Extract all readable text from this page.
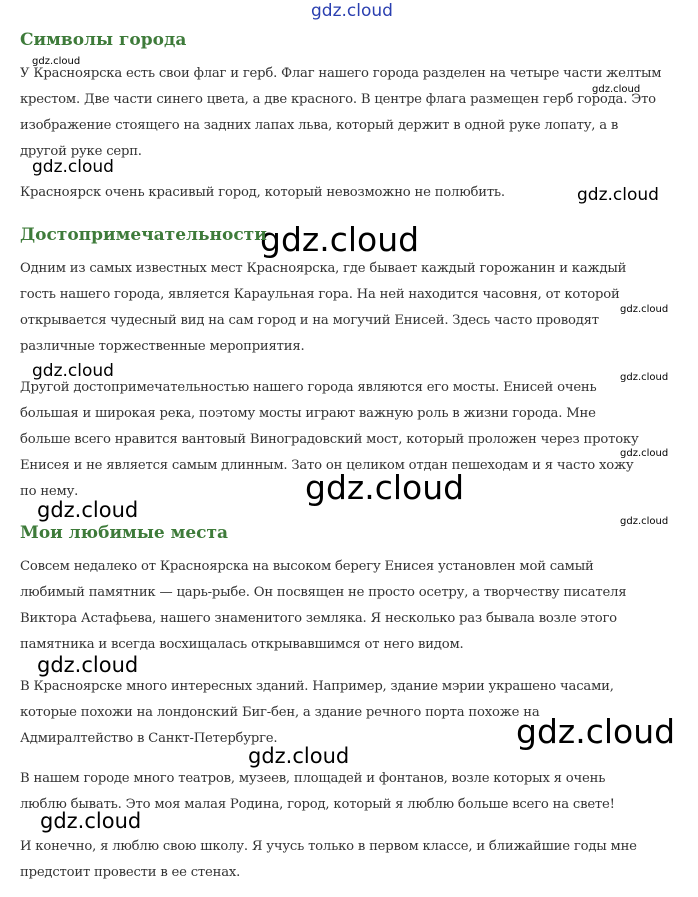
gdz.cloud
gdz.cloud
gdz.cloud
gdz.cloud
gdz.cloud
gdz.cloud
gdz.cloud
gdz.cloud	gdz.cloud
gdz.cloud
gdz.cloud
gdz.cloud	gdz.cloud
gdz.cloud
gdz.cloud
gdz.cloud
gdz.cloud
Символы города

У Красноярска есть свои флаг и герб. Флаг нашего города разделен на четыре части желтым
крестом. Две части синего цвета, а две красного. В центре флага размещен герб города. Это
изображение стоящего на задних лапах льва, который держит в одной руке лопату, а в
другой руке серп.

Красноярск очень красивый город, который невозможно не полюбить.

Достопримечательности

Одним из самых известных мест Красноярска, где бывает каждый горожанин и каждый
гость нашего города, является Караульная гора. На ней находится часовня, от которой
открывается чудесный вид на сам город и на могучий Енисей. Здесь часто проводят
различные торжественные мероприятия.

Другой достопримечательностью нашего города являются его мосты. Енисей очень
большая и широкая река, поэтому мосты играют важную роль в жизни города. Мне
больше всего нравится вантовый Виноградовский мост, который проложен через протоку
Енисея и не является самым длинным. Зато он целиком отдан пешеходам и я часто хожу
по нему.

Мои любимые места

Совсем недалеко от Красноярска на высоком берегу Енисея установлен мой самый
любимый памятник — царь-рыбе. Он посвящен не просто осетру, а творчеству писателя
Виктора Астафьева, нашего знаменитого земляка. Я несколько раз бывала возле этого
памятника и всегда восхищалась открывавшимся от него видом.

В Красноярске много интересных зданий. Например, здание мэрии украшено часами,
которые похожи на лондонский Биг-бен, а здание речного порта похоже на
Адмиралтейство в Санкт-Петербурге.

В нашем городе много театров, музеев, площадей и фонтанов, возле которых я очень
люблю бывать. Это моя малая Родина, город, который я люблю больше всего на свете!

И конечно, я люблю свою школу. Я учусь только в первом классе, и ближайшие годы мне
предстоит провести в ее стенах.
